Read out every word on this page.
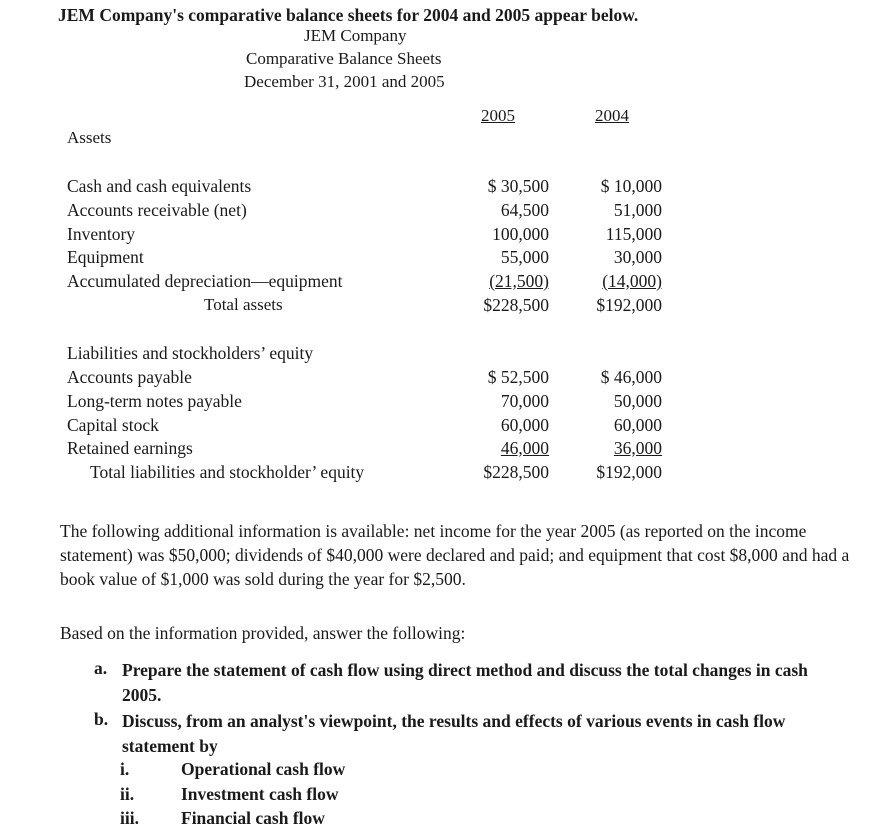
JEM Company's comparative balance sheets for 2004 and 2005 appear below.
JEM Company
Comparative Balance Sheets
December 31, 2001 and 2005
2005	2004
Assets
Cash and cash equivalents	$ 30,500	$ 10,000
Accounts receivable (net)	64,500	51,000
Inventory	100,000	115,000
Equipment	55,000	30,000
Accumulated depreciation—equipment	(21,500)	(14,000)
Total assets	$228,500	$192,000
Liabilities and stockholders’ equity
Accounts payable	$ 52,500	$ 46,000
Long-term notes payable	70,000	50,000
Capital stock	60,000	60,000
Retained earnings	46,000	36,000
Total liabilities and stockholder’ equity	$228,500	$192,000
The following additional information is available: net income for the year 2005 (as reported on the income statement) was $50,000; dividends of $40,000 were declared and paid; and equipment that cost $8,000 and had a book value of $1,000 was sold during the year for $2,500.
Based on the information provided, answer the following:
a. Prepare the statement of cash flow using direct method and discuss the total changes in cash 2005.
b. Discuss, from an analyst's viewpoint, the results and effects of various events in cash flow statement by
i.	Operational cash flow
ii.	Investment cash flow
iii. Financial cash flow
